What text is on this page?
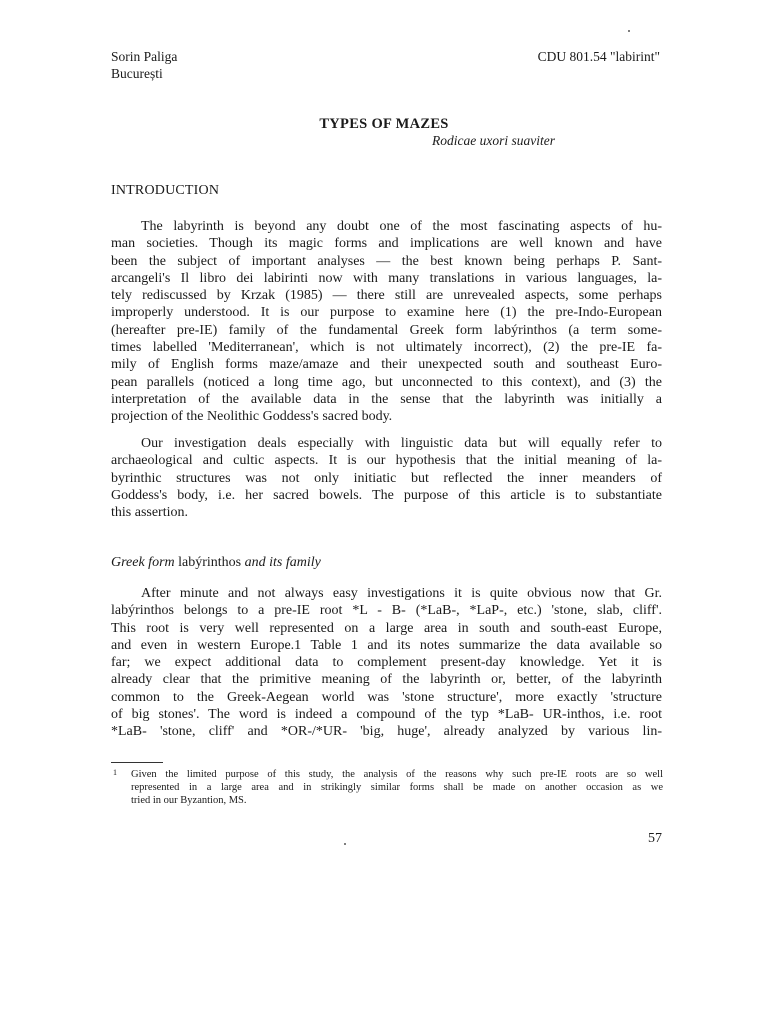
Sorin Paliga
București
CDU 801.54 "labirint"
TYPES OF MAZES
Rodicae uxori suaviter
INTRODUCTION

The labyrinth is beyond any doubt one of the most fascinating aspects of hu-
man societies. Though its magic forms and implications are well known and have
been the subject of important analyses — the best known being perhaps P. Sant-
arcangeli's Il libro dei labirinti now with many translations in various languages, la-
tely rediscussed by Krzak (1985) — there still are unrevealed aspects, some perhaps
improperly understood. It is our purpose to examine here (1) the pre-Indo-European
(hereafter pre-IE) family of the fundamental Greek form labýrinthos (a term some-
times labelled 'Mediterranean', which is not ultimately incorrect), (2) the pre-IE fa-
mily of English forms maze/amaze and their unexpected south and southeast Euro-
pean parallels (noticed a long time ago, but unconnected to this context), and (3) the
interpretation of the available data in the sense that the labyrinth was initially a
projection of the Neolithic Goddess's sacred body.

Our investigation deals especially with linguistic data but will equally refer to
archaeological and cultic aspects. It is our hypothesis that the initial meaning of la-
byrinthic structures was not only initiatic but reflected the inner meanders of
Goddess's body, i.e. her sacred bowels. The purpose of this article is to substantiate
this assertion.

Greek form labýrinthos and its family

After minute and not always easy investigations it is quite obvious now that Gr.
labýrinthos belongs to a pre-IE root *L - B- (*LaB-, *LaP-, etc.) 'stone, slab, cliff'.
This root is very well represented on a large area in south and south-east Europe,
and even in western Europe.1 Table 1 and its notes summarize the data available so
far; we expect additional data to complement present-day knowledge. Yet it is
already clear that the primitive meaning of the labyrinth or, better, of the labyrinth
common to the Greek-Aegean world was 'stone structure', more exactly 'structure
of big stones'. The word is indeed a compound of the typ *LaB- UR-inthos, i.e. root
*LaB- 'stone, cliff' and *OR-/*UR- 'big, huge', already analyzed by various lin-

1 Given the limited purpose of this study, the analysis of the reasons why such pre-IE roots are so well
represented in a large area and in strikingly similar forms shall be made on another occasion as we
tried in our Byzantion, MS.
57
